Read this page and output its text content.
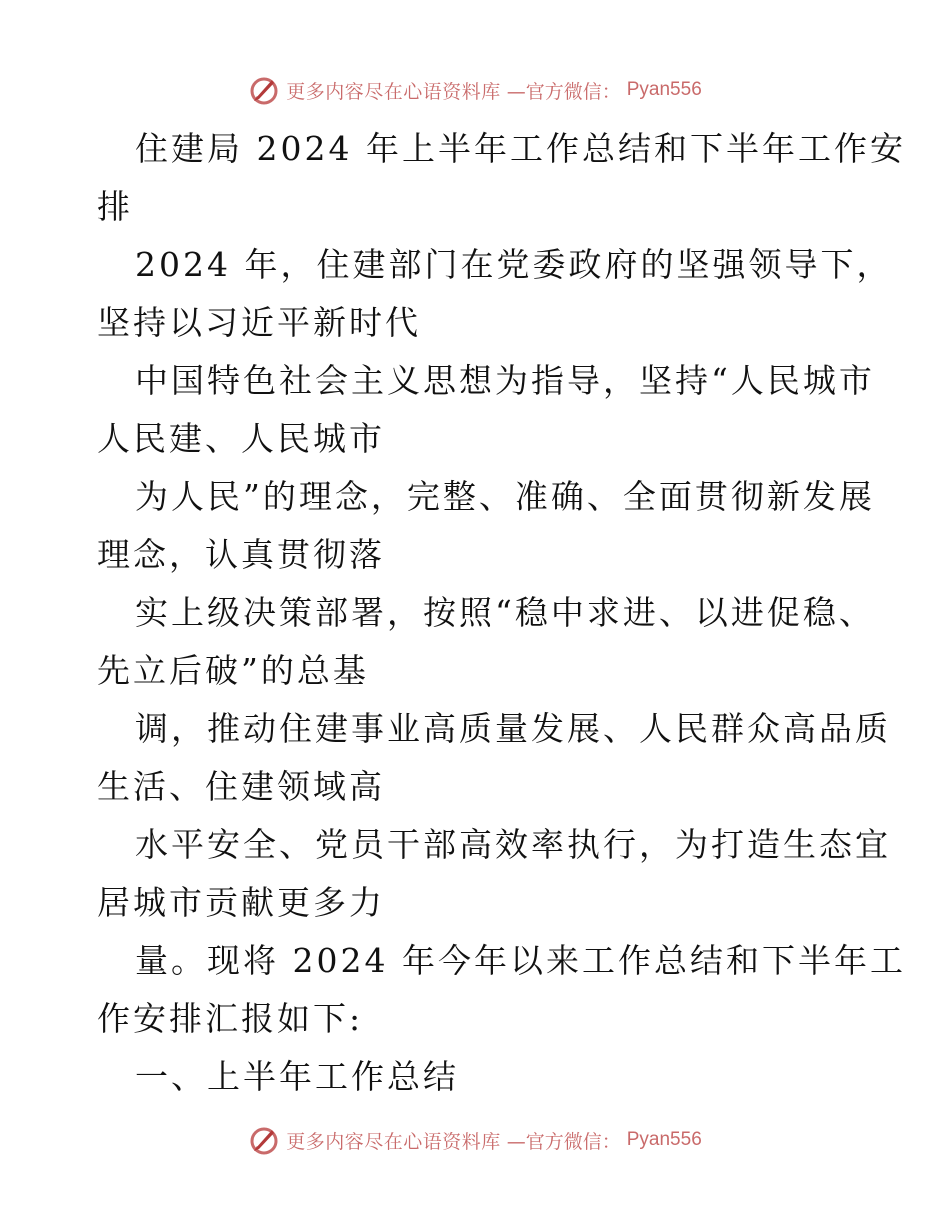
更多内容尽在心语资料库 —官方微信： Pyan556

住建局 2024 年上半年工作总结和下半年工作安
排

2024 年，住建部门在党委政府的坚强领导下，
坚持以习近平新时代

中国特色社会主义思想为指导，坚持“人民城市
人民建、人民城市

为人民”的理念，完整、准确、全面贯彻新发展
理念，认真贯彻落

实上级决策部署，按照“稳中求进、以进促稳、
先立后破”的总基

调，推动住建事业高质量发展、人民群众高品质
生活、住建领域高

水平安全、党员干部高效率执行，为打造生态宜
居城市贡献更多力

量。现将 2024 年今年以来工作总结和下半年工
作安排汇报如下:

一、上半年工作总结

更多内容尽在心语资料库 —官方微信： Pyan556
